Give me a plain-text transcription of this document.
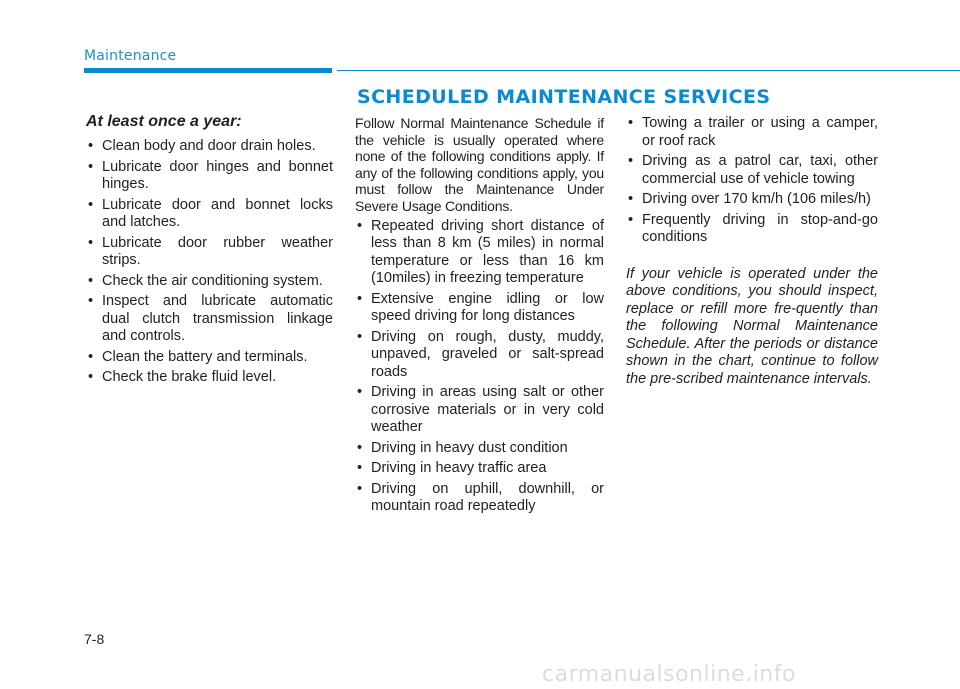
Maintenance
SCHEDULED MAINTENANCE SERVICES

At least once a year:

• Clean body and door drain holes.
• Lubricate door hinges and bonnet hinges.
• Lubricate door and bonnet locks and latches.
• Lubricate door rubber weather strips.
• Check the air conditioning system.
• Inspect and lubricate automatic dual clutch transmission linkage and controls.
• Clean the battery and terminals.
• Check the brake fluid level.

Follow Normal Maintenance Schedule if the vehicle is usually operated where none of the following conditions apply. If any of the following conditions apply, you must follow the Maintenance Under Severe Usage Conditions.

• Repeated driving short distance of less than 8 km (5 miles) in normal temperature or less than 16 km (10miles) in freezing temperature
• Extensive engine idling or low speed driving for long distances
• Driving on rough, dusty, muddy, unpaved, graveled or salt-spread roads
• Driving in areas using salt or other corrosive materials or in very cold weather
• Driving in heavy dust condition
• Driving in heavy traffic area
• Driving on uphill, downhill, or mountain road repeatedly
• Towing a trailer or using a camper, or roof rack
• Driving as a patrol car, taxi, other commercial use of vehicle towing
• Driving over 170 km/h (106 miles/h)
• Frequently driving in stop-and-go conditions

If your vehicle is operated under the above conditions, you should inspect, replace or refill more fre-quently than the following Normal Maintenance Schedule. After the periods or distance shown in the chart, continue to follow the pre-scribed maintenance intervals.

7-8
carmanualsonline.info
